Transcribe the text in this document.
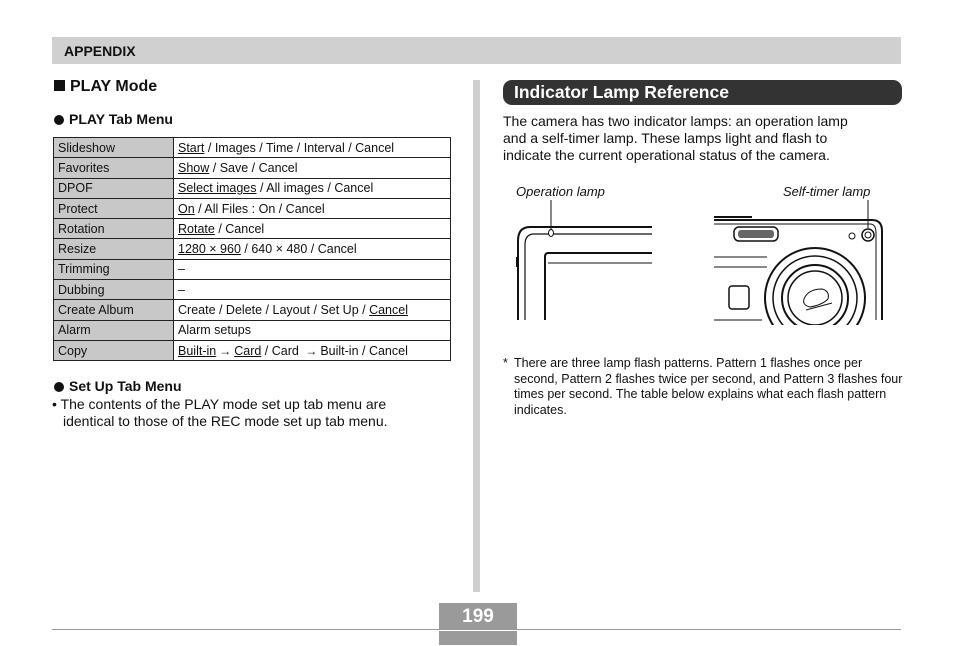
APPENDIX
PLAY Mode
PLAY Tab Menu
Slideshow	Start / Images / Time / Interval / Cancel
Favorites	Show / Save / Cancel
DPOF	Select images / All images / Cancel
Protect	On / All Files : On / Cancel
Rotation	Rotate / Cancel
Resize	1280 × 960 / 640 × 480 / Cancel
Trimming	–
Dubbing	–
Create Album	Create / Delete / Layout / Set Up / Cancel
Alarm	Alarm setups
Copy	Built-in → Card / Card → Built-in / Cancel
Set Up Tab Menu
• The contents of the PLAY mode set up tab menu are
identical to those of the REC mode set up tab menu.
Indicator Lamp Reference
The camera has two indicator lamps: an operation lamp
and a self-timer lamp. These lamps light and flash to
indicate the current operational status of the camera.
Operation lamp	Self-timer lamp
* There are three lamp flash patterns. Pattern 1 flashes once per second, Pattern 2 flashes twice per second, and Pattern 3 flashes four times per second. The table below explains what each flash pattern indicates.
199
